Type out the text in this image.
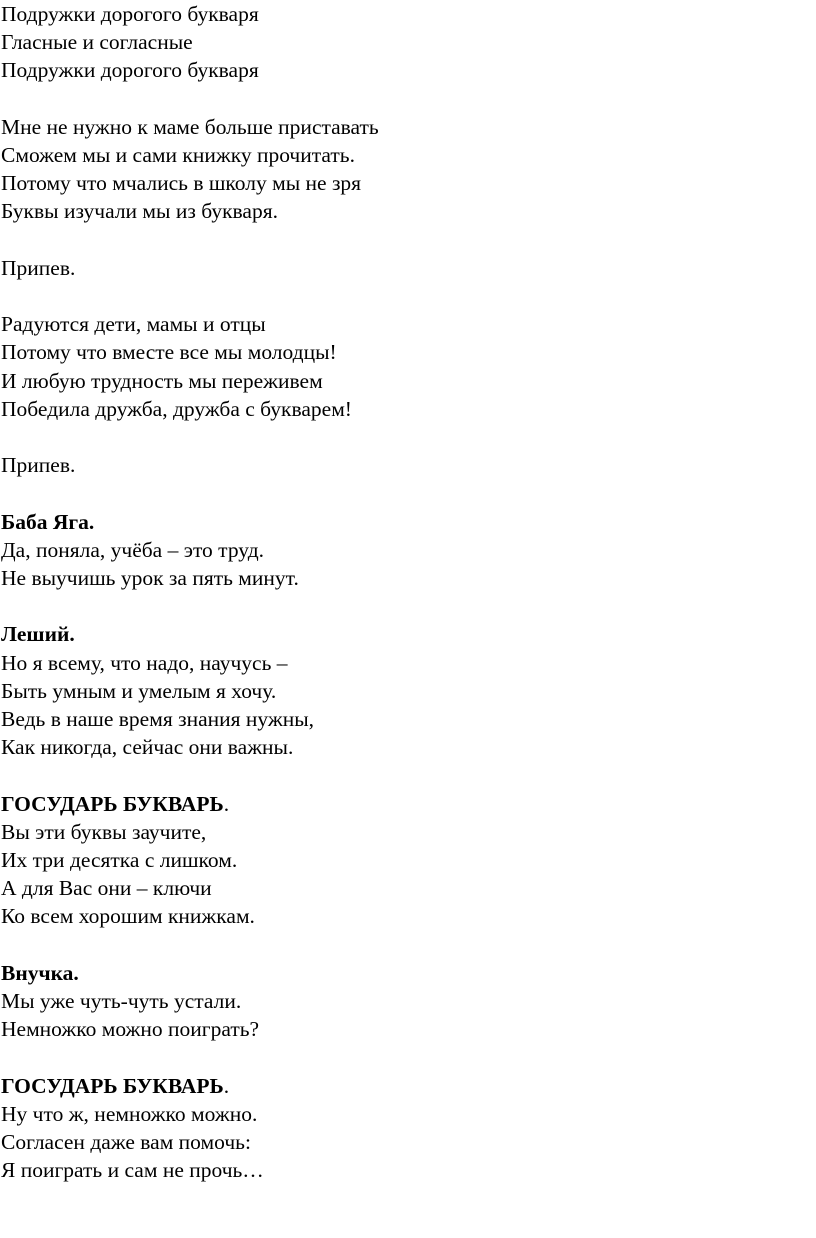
Подружки дорогого букваря
Гласные и согласные
Подружки дорогого букваря
Мне не нужно к маме больше приставать
Сможем мы и сами книжку прочитать.
Потому что мчались в школу мы не зря
Буквы изучали мы из букваря.
Припев.
Радуются дети, мамы и отцы
Потому что вместе все мы молодцы!
И любую трудность мы переживем
Победила дружба, дружба с букварем!
Припев.
Баба Яга.
Да, поняла, учёба – это труд.
Не выучишь урок за пять минут.
Леший.
Но я всему, что надо, научусь –
Быть умным и умелым я хочу.
Ведь в наше время знания нужны,
Как никогда, сейчас они важны.
ГОСУДАРЬ БУКВАРЬ.
Вы эти буквы заучите,
Их три десятка с лишком.
А для Вас они – ключи
Ко всем хорошим книжкам.
Внучка.
Мы уже чуть-чуть устали.
Немножко можно поиграть?
ГОСУДАРЬ БУКВАРЬ.
Ну что ж, немножко можно.
Согласен даже вам помочь:
Я поиграть и сам не прочь…
